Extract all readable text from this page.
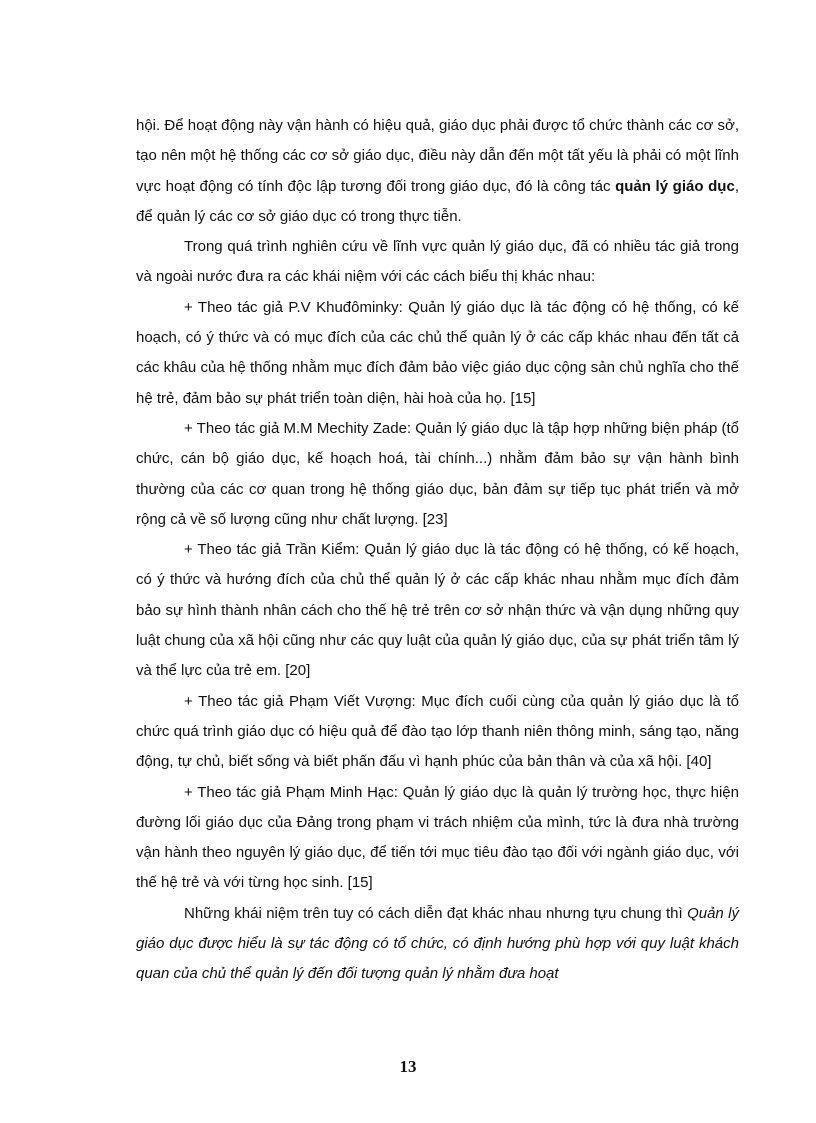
hội. Để hoạt động này vận hành có hiệu quả, giáo dục phải được tổ chức thành các cơ sở, tạo nên một hệ thống các cơ sở giáo dục, điều này dẫn đến một tất yếu là phải có một lĩnh vực hoạt động có tính độc lập tương đối trong giáo dục, đó là công tác quản lý giáo dục, để quản lý các cơ sở giáo dục có trong thực tiễn.

Trong quá trình nghiên cứu về lĩnh vực quản lý giáo dục, đã có nhiều tác giả trong và ngoài nước đưa ra các khái niệm với các cách biểu thị khác nhau:

+ Theo tác giả P.V Khuđôminky: Quản lý giáo dục là tác động có hệ thống, có kế hoạch, có ý thức và có mục đích của các chủ thể quản lý ở các cấp khác nhau đến tất cả các khâu của hệ thống nhằm mục đích đảm bảo việc giáo dục cộng sản chủ nghĩa cho thế hệ trẻ, đảm bảo sự phát triển toàn diện, hài hoà của họ. [15]

+ Theo tác giả M.M Mechity Zade: Quản lý giáo dục là tập hợp những biện pháp (tổ chức, cán bộ giáo dục, kế hoạch hoá, tài chính...) nhằm đảm bảo sự vận hành bình thường của các cơ quan trong hệ thống giáo dục, bản đảm sự tiếp tục phát triển và mở rộng cả về số lượng cũng như chất lượng. [23]

+ Theo tác giả Trần Kiểm: Quản lý giáo dục là tác động có hệ thống, có kế hoạch, có ý thức và hướng đích của chủ thể quản lý ở các cấp khác nhau nhằm mục đích đảm bảo sự hình thành nhân cách cho thế hệ trẻ trên cơ sở nhận thức và vận dụng những quy luật chung của xã hội cũng như các quy luật của quản lý giáo dục, của sự phát triển tâm lý và thể lực của trẻ em. [20]

+ Theo tác giả Phạm Viết Vượng: Mục đích cuối cùng của quản lý giáo dục là tổ chức quá trình giáo dục có hiệu quả để đào tạo lớp thanh niên thông minh, sáng tạo, năng động, tự chủ, biết sống và biết phấn đấu vì hạnh phúc của bản thân và của xã hội. [40]

+ Theo tác giả Phạm Minh Hạc: Quản lý giáo dục là quản lý trường học, thực hiện đường lối giáo dục của Đảng trong phạm vi trách nhiệm của mình, tức là đưa nhà trường vận hành theo nguyên lý giáo dục, để tiến tới mục tiêu đào tạo đối với ngành giáo dục, với thế hệ trẻ và với từng học sinh. [15]

Những khái niệm trên tuy có cách diễn đạt khác nhau nhưng tựu chung thì Quản lý giáo dục được hiểu là sự tác động có tổ chức, có định hướng phù hợp với quy luật khách quan của chủ thể quản lý đến đối tượng quản lý nhằm đưa hoạt

13
